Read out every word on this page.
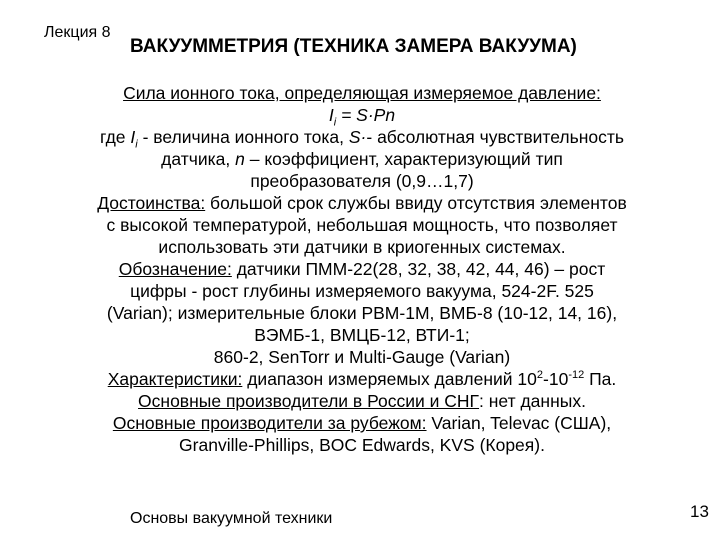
Лекция 8
ВАКУУММЕТРИЯ (ТЕХНИКА ЗАМЕРА ВАКУУМА)

Сила ионного тока, определяющая измеряемое давление:

$I_i = S\cdot Pn$

где $I_i$ - величина ионного тока, S·- абсолютная чувствительность

датчика, n – коэффициент, характеризующий тип

преобразователя (0,9…1,7)

Достоинства: большой срок службы ввиду отсутствия элементов

с высокой температурой, небольшая мощность, что позволяет

использовать эти датчики в криогенных системах.

Обозначение: датчики ПММ-22(28, 32, 38, 42, 44, 46) – рост

цифры - рост глубины измеряемого вакуума, 524-2F. 525

(Varian); измерительные блоки РВМ-1М, ВМБ-8 (10-12, 14, 16),

ВЭМБ-1, ВМЦБ-12, ВТИ-1;

860-2, SenTorr и Multi-Gauge (Varian)

Характеристики: диапазон измеряемых давлений $10^2-10^{-12}$ Па.

Основные производители в России и СНГ: нет данных.

Основные производители за рубежом: Varian, Televac (США),

Granville-Phillips, BOC Edwards, KVS (Корея).

Основы вакуумной техники	13
